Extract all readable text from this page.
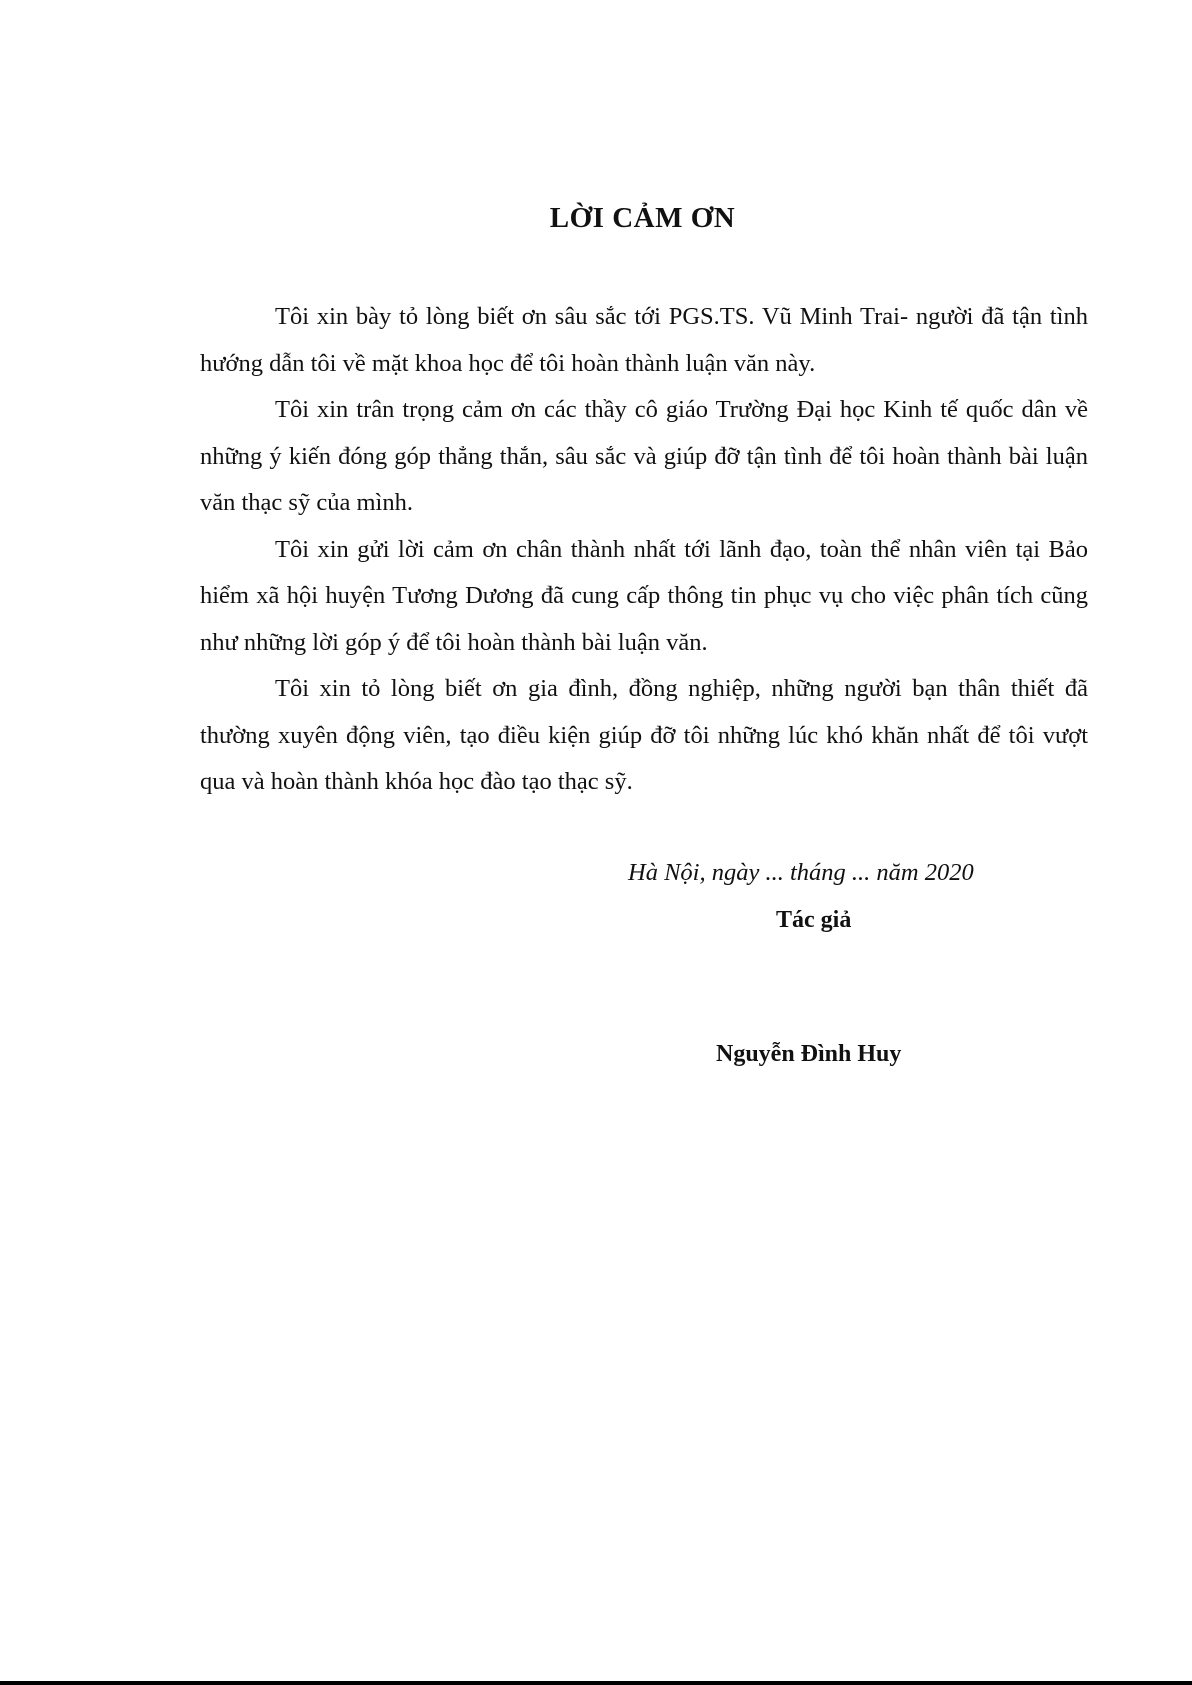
LỜI CẢM ƠN

Tôi xin bày tỏ lòng biết ơn sâu sắc tới PGS.TS. Vũ Minh Trai- người đã tận tình hướng dẫn tôi về mặt khoa học để tôi hoàn thành luận văn này.

Tôi xin trân trọng cảm ơn các thầy cô giáo Trường Đại học Kinh tế quốc dân về những ý kiến đóng góp thẳng thắn, sâu sắc và giúp đỡ tận tình để tôi hoàn thành bài luận văn thạc sỹ của mình.

Tôi xin gửi lời cảm ơn chân thành nhất tới lãnh đạo, toàn thể nhân viên tại Bảo hiểm xã hội huyện Tương Dương đã cung cấp thông tin phục vụ cho việc phân tích cũng như những lời góp ý để tôi hoàn thành bài luận văn.

Tôi xin tỏ lòng biết ơn gia đình, đồng nghiệp, những người bạn thân thiết đã thường xuyên động viên, tạo điều kiện giúp đỡ tôi những lúc khó khăn nhất để tôi vượt qua và hoàn thành khóa học đào tạo thạc sỹ.

Hà Nội, ngày ... tháng ... năm 2020
Tác giả
Nguyễn Đình Huy
